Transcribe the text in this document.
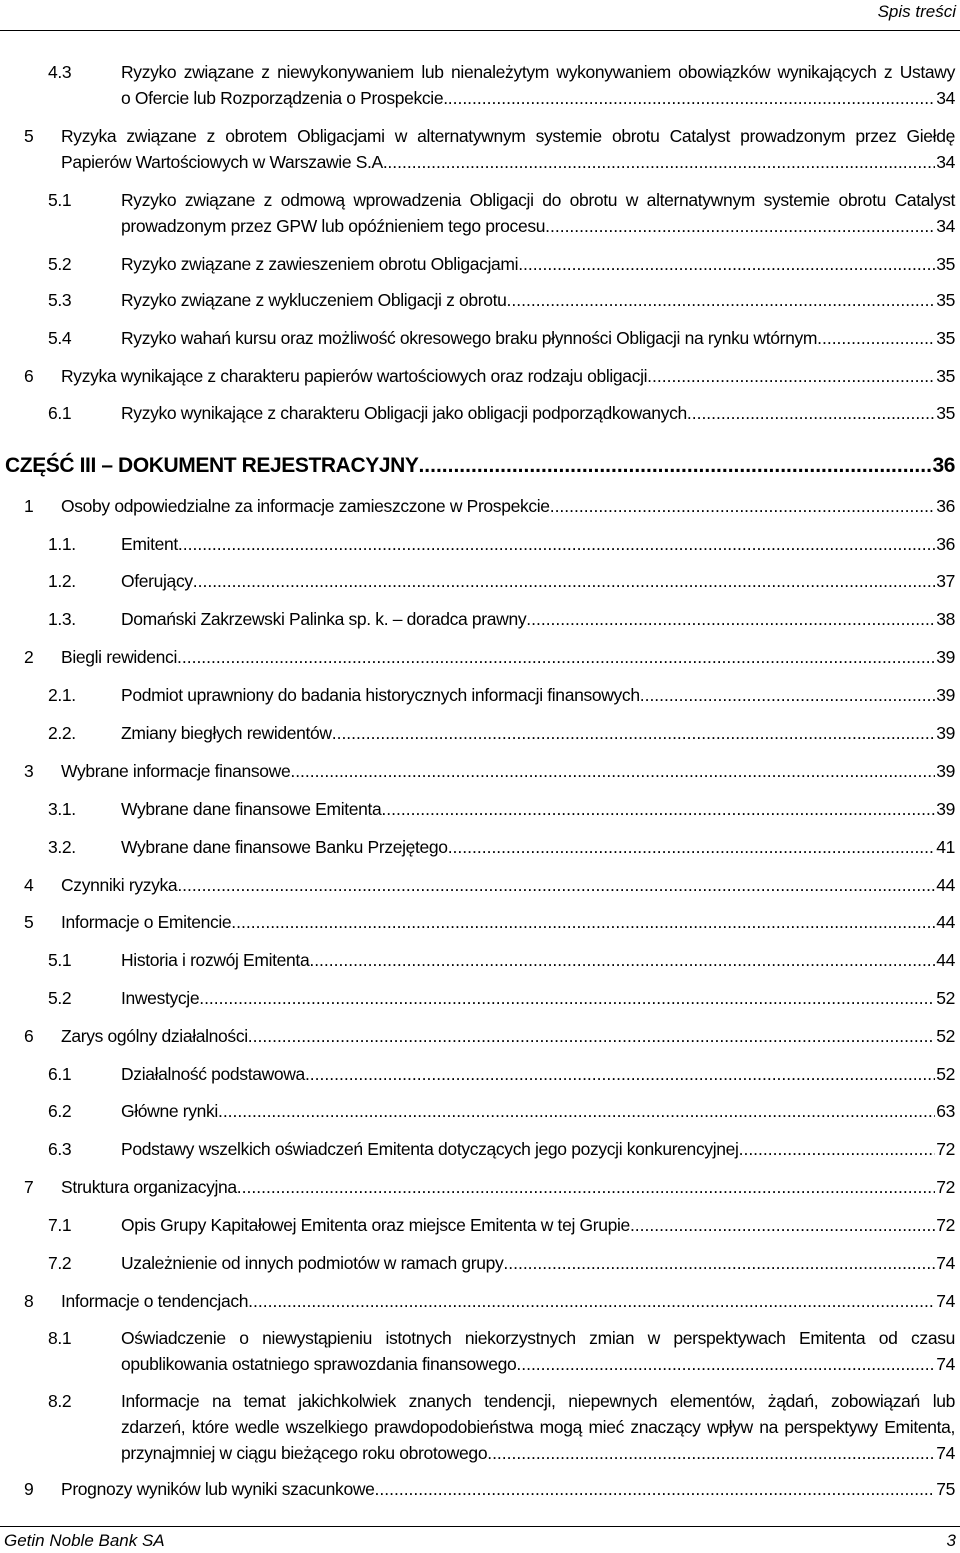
Spis treści
4.3	Ryzyko związane z niewykonywaniem lub nienależytym wykonywaniem obowiązków wynikających z Ustawy
o Ofercie lub Rozporządzenia o Prospekcie. .....	34
5 Ryzyka związane z obrotem Obligacjami w alternatywnym systemie obrotu Catalyst prowadzonym przez Giełdę
Papierów Wartościowych w Warszawie S.A. .....	34
5.1	Ryzyko związane z odmową wprowadzenia Obligacji do obrotu w alternatywnym systemie obrotu Catalyst
prowadzonym przez GPW lub opóźnieniem tego procesu .....	34
5.2	Ryzyko związane z zawieszeniem obrotu Obligacjami .....	35
5.3	Ryzyko związane z wykluczeniem Obligacji z obrotu .....	35
5.4	Ryzyko wahań kursu oraz możliwość okresowego braku płynności Obligacji na rynku wtórnym .....	35
6 Ryzyka wynikające z charakteru papierów wartościowych oraz rodzaju obligacji .....	35
6.1	Ryzyko wynikające z charakteru Obligacji jako obligacji podporządkowanych .....	35
CZĘŚĆ III – DOKUMENT REJESTRACYJNY .....	36
1 Osoby odpowiedzialne za informacje zamieszczone w Prospekcie .....	36
1.1.	Emitent .....	36
1.2.	Oferujący .....	37
1.3.	Domański Zakrzewski Palinka sp. k. – doradca prawny .....	38
2 Biegli rewidenci .....	39
2.1.	Podmiot uprawniony do badania historycznych informacji finansowych .....	39
2.2.	Zmiany biegłych rewidentów .....	39
3 Wybrane informacje finansowe .....	39
3.1.	Wybrane dane finansowe Emitenta .....	39
3.2.	Wybrane dane finansowe Banku Przejętego .....	41
4 Czynniki ryzyka .....	44
5 Informacje o Emitencie .....	44
5.1	Historia i rozwój Emitenta .....	44
5.2	Inwestycje .....	52
6 Zarys ogólny działalności .....	52
6.1	Działalność podstawowa .....	52
6.2	Główne rynki .....	63
6.3	Podstawy wszelkich oświadczeń Emitenta dotyczących jego pozycji konkurencyjnej .....	72
7 Struktura organizacyjna .....	72
7.1	Opis Grupy Kapitałowej Emitenta oraz miejsce Emitenta w tej Grupie .....	72
7.2	Uzależnienie od innych podmiotów w ramach grupy .....	74
8 Informacje o tendencjach .....	74
8.1	Oświadczenie o niewystąpieniu istotnych niekorzystnych zmian w perspektywach Emitenta od czasu
opublikowania ostatniego sprawozdania finansowego .....	74
8.2	Informacje na temat jakichkolwiek znanych tendencji, niepewnych elementów, żądań, zobowiązań lub
zdarzeń, które wedle wszelkiego prawdopodobieństwa mogą mieć znaczący wpływ na perspektywy Emitenta,
przynajmniej w ciągu bieżącego roku obrotowego .....	74
9 Prognozy wyników lub wyniki szacunkowe .....	75
Getin Noble Bank SA	3
